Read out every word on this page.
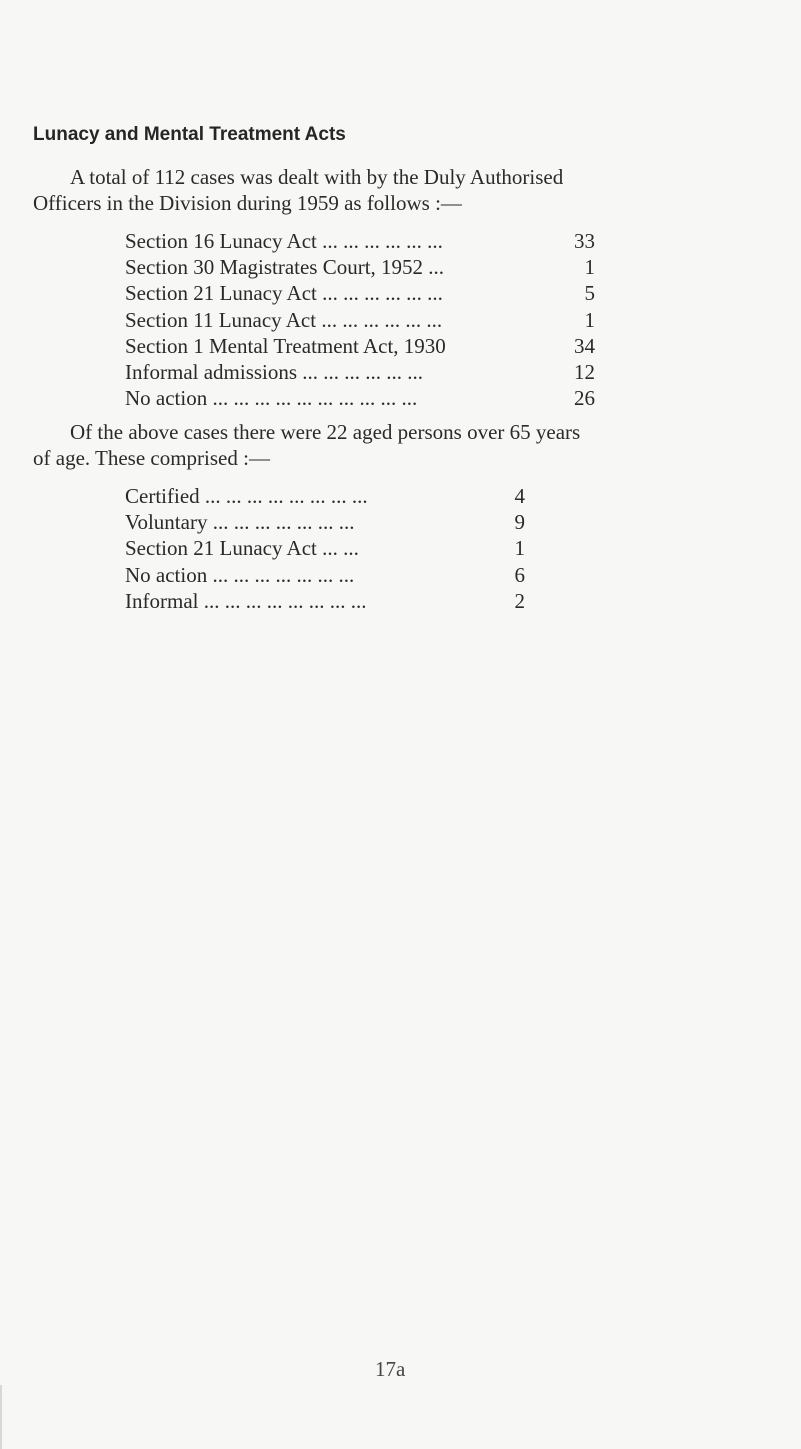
Lunacy and Mental Treatment Acts
A total of 112 cases was dealt with by the Duly Authorised
Officers in the Division during 1959 as follows :—
Section 16 Lunacy Act ... ... ... ... ... ...	33
Section 30 Magistrates Court, 1952 ...	1
Section 21 Lunacy Act ... ... ... ... ... ...	5
Section 11 Lunacy Act ... ... ... ... ... ...	1
Section 1 Mental Treatment Act, 1930	34
Informal admissions ... ... ... ... ... ...	12
No action ... ... ... ... ... ... ... ... ... ...	26
Of the above cases there were 22 aged persons over 65 years
of age. These comprised :—
Certified ... ... ... ... ... ... ... ...	4
Voluntary ... ... ... ... ... ... ...	9
Section 21 Lunacy Act ... ...	1
No action ... ... ... ... ... ... ...	6
Informal ... ... ... ... ... ... ... ...	2
17a
